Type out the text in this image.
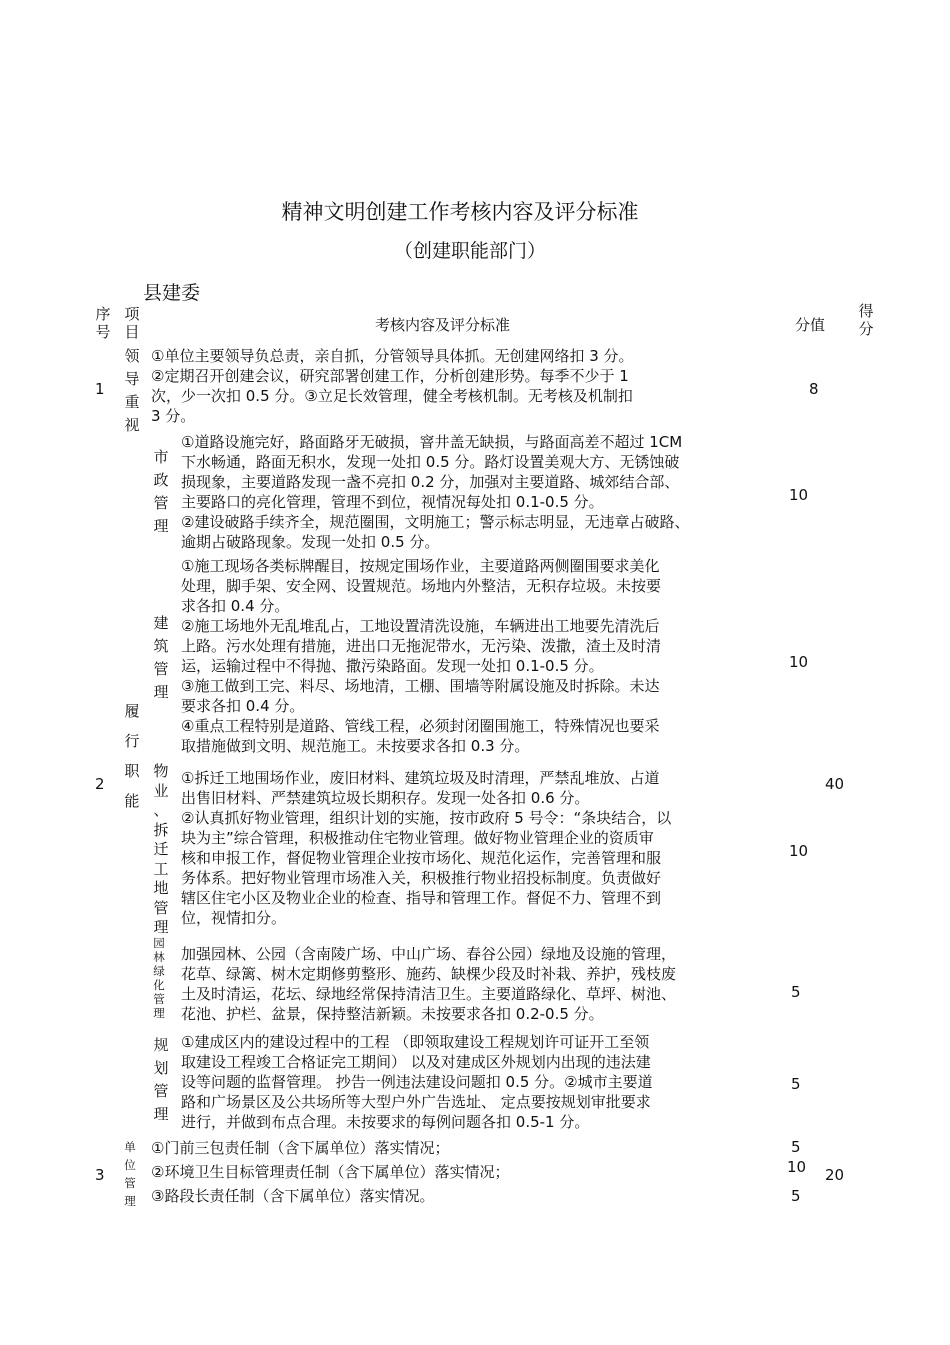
精神文明创建工作考核内容及评分标准
（创建职能部门）
县建委
序
号
项
目	考核内容及评分标准	分值
得
分
1
领
导
重
视
①单位主要领导负总责，亲自抓，分管领导具体抓。无创建网络扣 3 分。
②定期召开创建会议，研究部署创建工作，分析创建形势。每季不少于 1
次，少一次扣 0.5 分。③立足长效管理，健全考核机制。无考核及机制扣
3 分。
8
2
履
行
职
能
40
市
政
管
理
①道路设施完好，路面路牙无破损，窨井盖无缺损，与路面高差不超过 1CM
下水畅通，路面无积水，发现一处扣 0.5 分。路灯设置美观大方、无锈蚀破
损现象，主要道路发现一盏不亮扣 0.2 分，加强对主要道路、城郊结合部、
主要路口的亮化管理，管理不到位，视情况每处扣 0.1-0.5 分。
②建设破路手续齐全，规范圈围，文明施工；警示标志明显，无违章占破路、
逾期占破路现象。发现一处扣 0.5 分。
10
建
筑
管
理
①施工现场各类标牌醒目，按规定围场作业，主要道路两侧圈围要求美化
处理，脚手架、安全网、设置规范。场地内外整洁，无积存垃圾。未按要
求各扣 0.4 分。
②施工场地外无乱堆乱占，工地设置清洗设施，车辆进出工地要先清洗后
上路。污水处理有措施，进出口无拖泥带水，无污染、泼撒，渣土及时清
运，运输过程中不得抛、撒污染路面。发现一处扣 0.1-0.5 分。
③施工做到工完、料尽、场地清，工棚、围墙等附属设施及时拆除。未达
要求各扣 0.4 分。
④重点工程特别是道路、管线工程，必须封闭圈围施工，特殊情况也要采
取措施做到文明、规范施工。未按要求各扣 0.3 分。
10
物
业
、
拆
迁
工
地
管
理
①拆迁工地围场作业，废旧材料、建筑垃圾及时清理，严禁乱堆放、占道
出售旧材料、严禁建筑垃圾长期积存。发现一处各扣 0.6 分。
②认真抓好物业管理，组织计划的实施，按市政府 5 号令：“条块结合，以
块为主”综合管理，积极推动住宅物业管理。做好物业管理企业的资质审
核和申报工作，督促物业管理企业按市场化、规范化运作，完善管理和服
务体系。把好物业管理市场准入关，积极推行物业招投标制度。负责做好
辖区住宅小区及物业企业的检查、指导和管理工作。督促不力、管理不到
位，视情扣分。
10
园
林
绿
化
管
理
加强园林、公园（含南陵广场、中山广场、春谷公园）绿地及设施的管理，
花草、绿篱、树木定期修剪整形、施药、缺棵少段及时补栽、养护，残枝废
土及时清运，花坛、绿地经常保持清洁卫生。主要道路绿化、草坪、树池、
花池、护栏、盆景，保持整洁新颖。未按要求各扣 0.2-0.5 分。
5
规
划
管
理
①建成区内的建设过程中的工程 （即领取建设工程规划许可证开工至领
取建设工程竣工合格证完工期间） 以及对建成区外规划内出现的违法建
设等问题的监督管理。 抄告一例违法建设问题扣 0.5 分。②城市主要道
路和广场景区及公共场所等大型户外广告选址、 定点要按规划审批要求
进行，并做到布点合理。未按要求的每例问题各扣 0.5-1 分。
5
3
单
位
管
理
①门前三包责任制（含下属单位）落实情况；
②环境卫生目标管理责任制（含下属单位）落实情况；
③路段长责任制（含下属单位）落实情况。
5
10
5
20
